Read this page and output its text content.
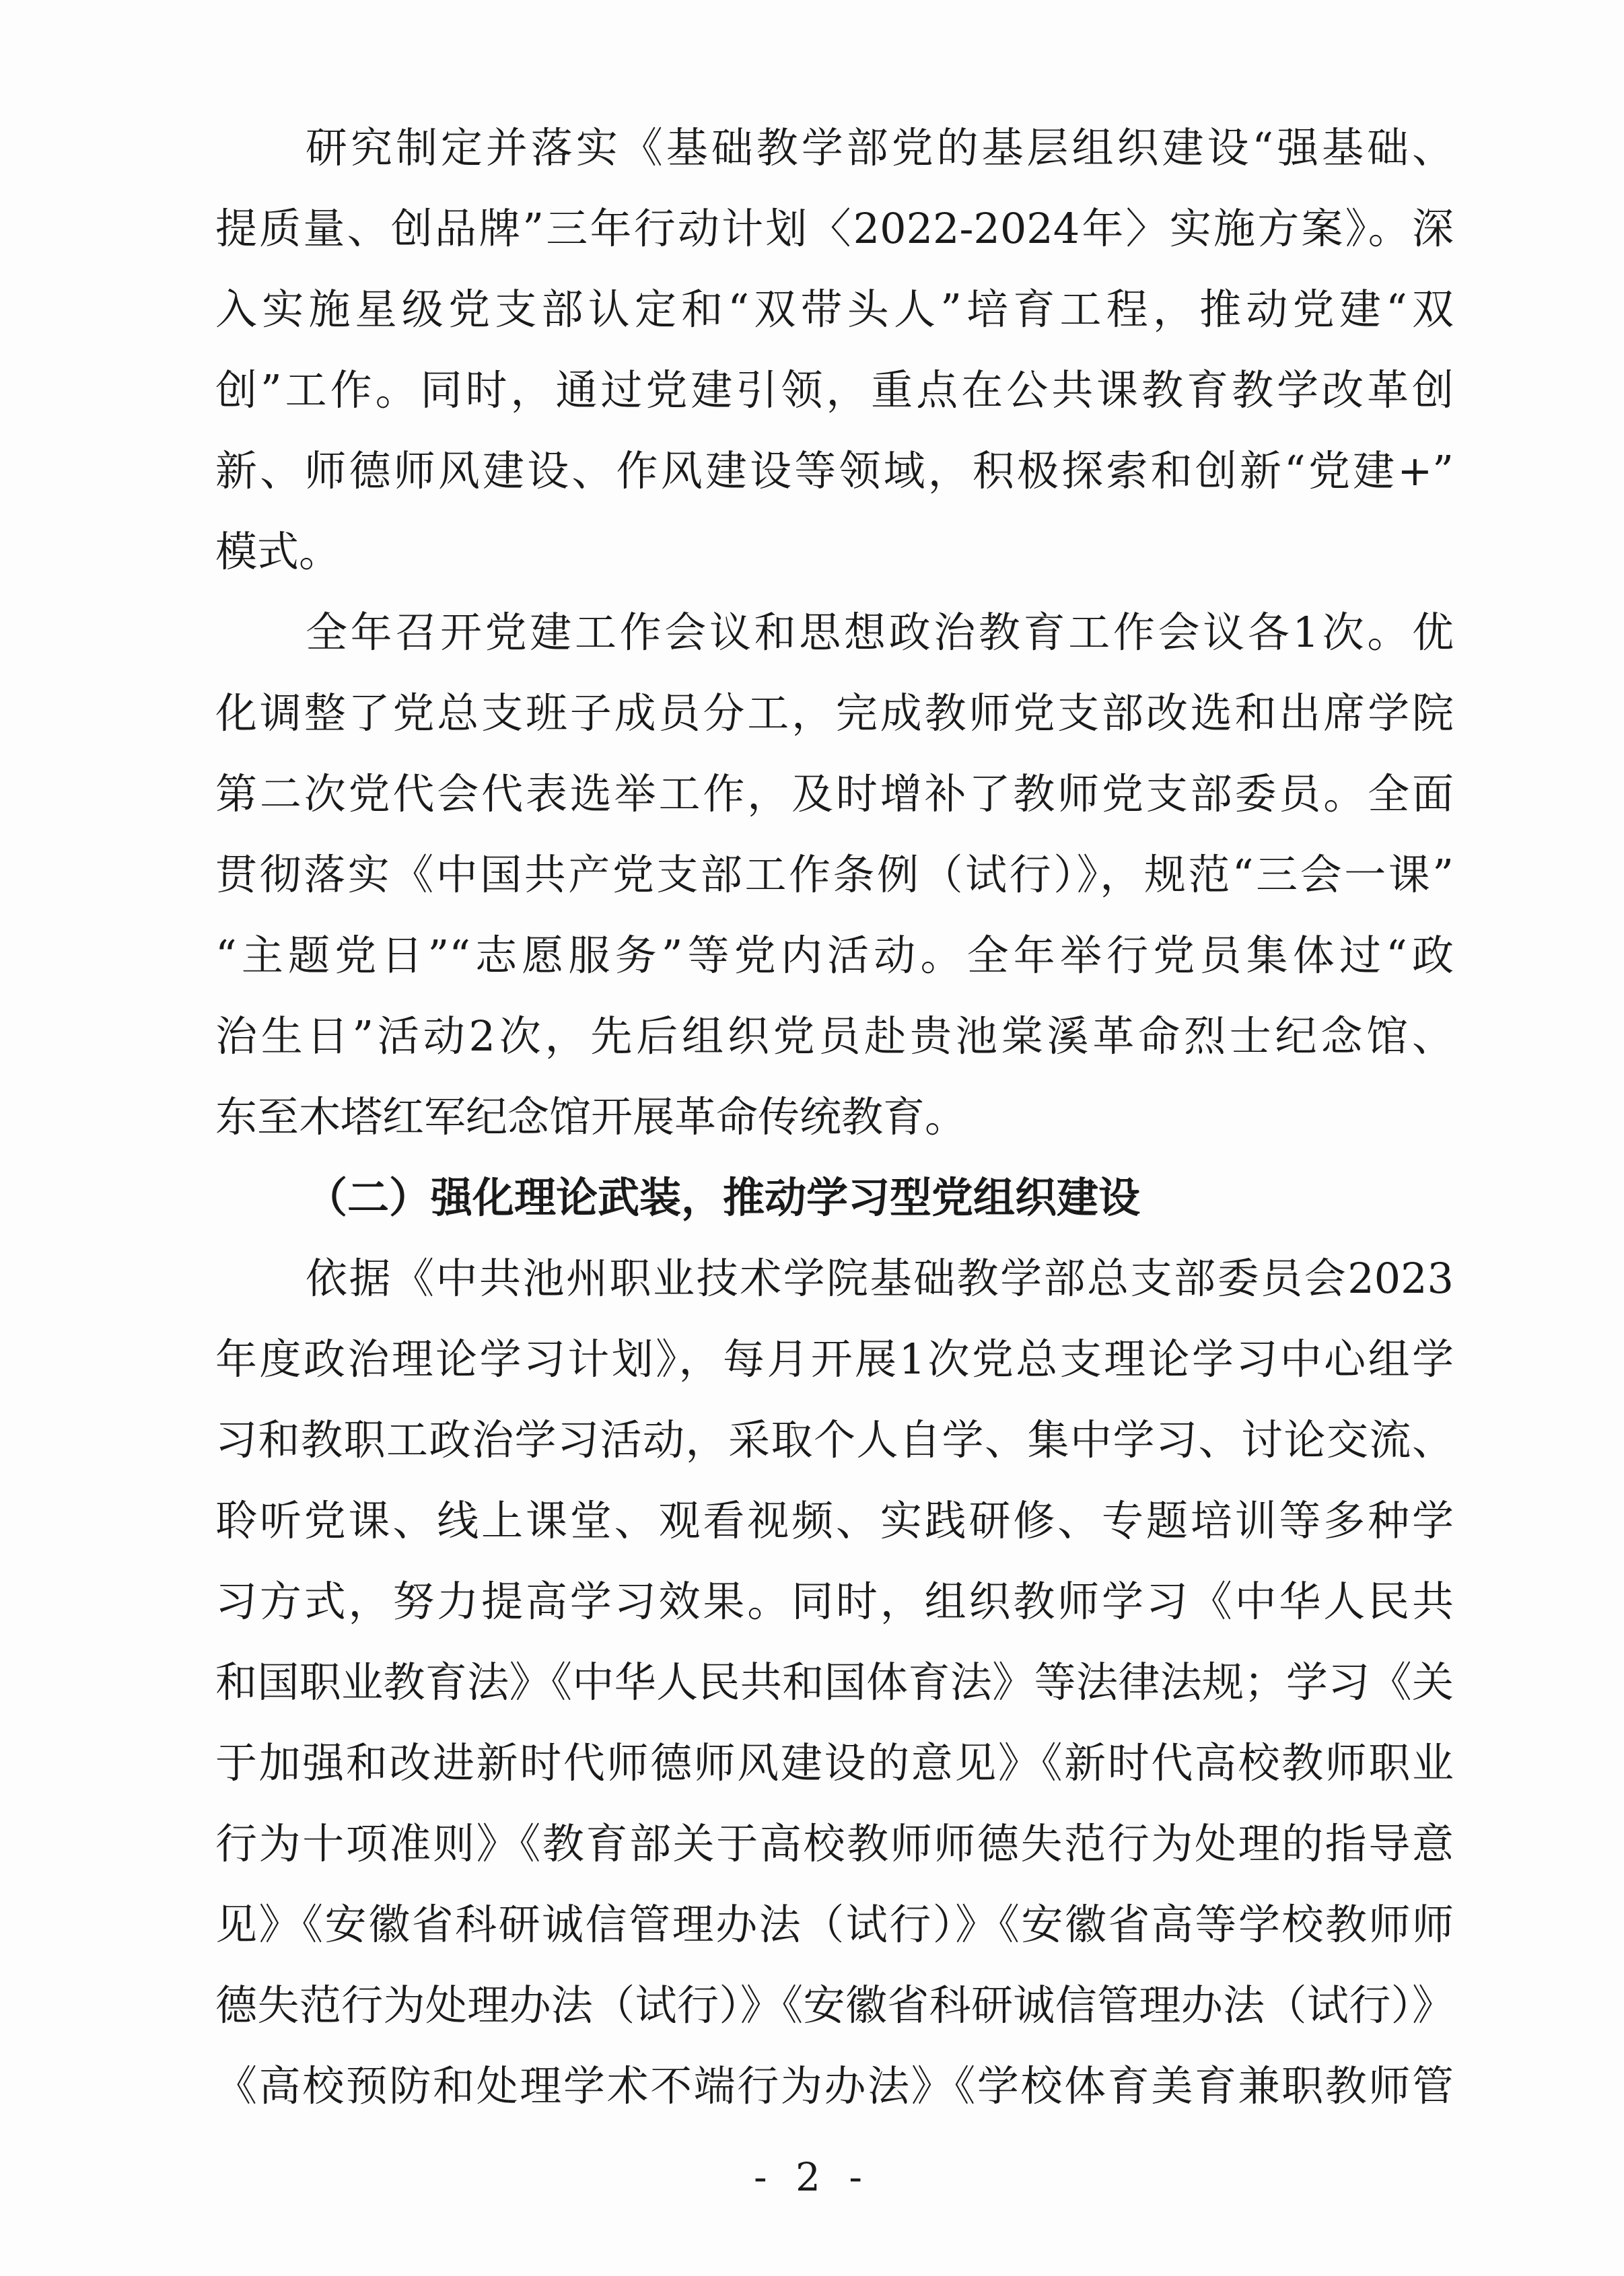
研究制定并落实《基础教学部党的基层组织建设“强基础、
提质量、创品牌”三年行动计划〈2022-2024年〉实施方案》。深
入实施星级党支部认定和“双带头人”培育工程，推动党建“双
创”工作。同时，通过党建引领，重点在公共课教育教学改革创
新、师德师风建设、作风建设等领域，积极探索和创新“党建+”
模式。
全年召开党建工作会议和思想政治教育工作会议各1次。优
化调整了党总支班子成员分工，完成教师党支部改选和出席学院
第二次党代会代表选举工作，及时增补了教师党支部委员。全面
贯彻落实《中国共产党支部工作条例（试行）》，规范“三会一课”
“主题党日”“志愿服务”等党内活动。全年举行党员集体过“政
治生日”活动2次，先后组织党员赴贵池棠溪革命烈士纪念馆、
东至木塔红军纪念馆开展革命传统教育。
（二）强化理论武装，推动学习型党组织建设
依据《中共池州职业技术学院基础教学部总支部委员会2023
年度政治理论学习计划》，每月开展1次党总支理论学习中心组学
习和教职工政治学习活动，采取个人自学、集中学习、讨论交流、
聆听党课、线上课堂、观看视频、实践研修、专题培训等多种学
习方式，努力提高学习效果。同时，组织教师学习《中华人民共
和国职业教育法》《中华人民共和国体育法》等法律法规；学习《关
于加强和改进新时代师德师风建设的意见》《新时代高校教师职业
行为十项准则》《教育部关于高校教师师德失范行为处理的指导意
见》《安徽省科研诚信管理办法（试行）》《安徽省高等学校教师师
德失范行为处理办法（试行）》《安徽省科研诚信管理办法（试行）》
《高校预防和处理学术不端行为办法》《学校体育美育兼职教师管
- 2 -
